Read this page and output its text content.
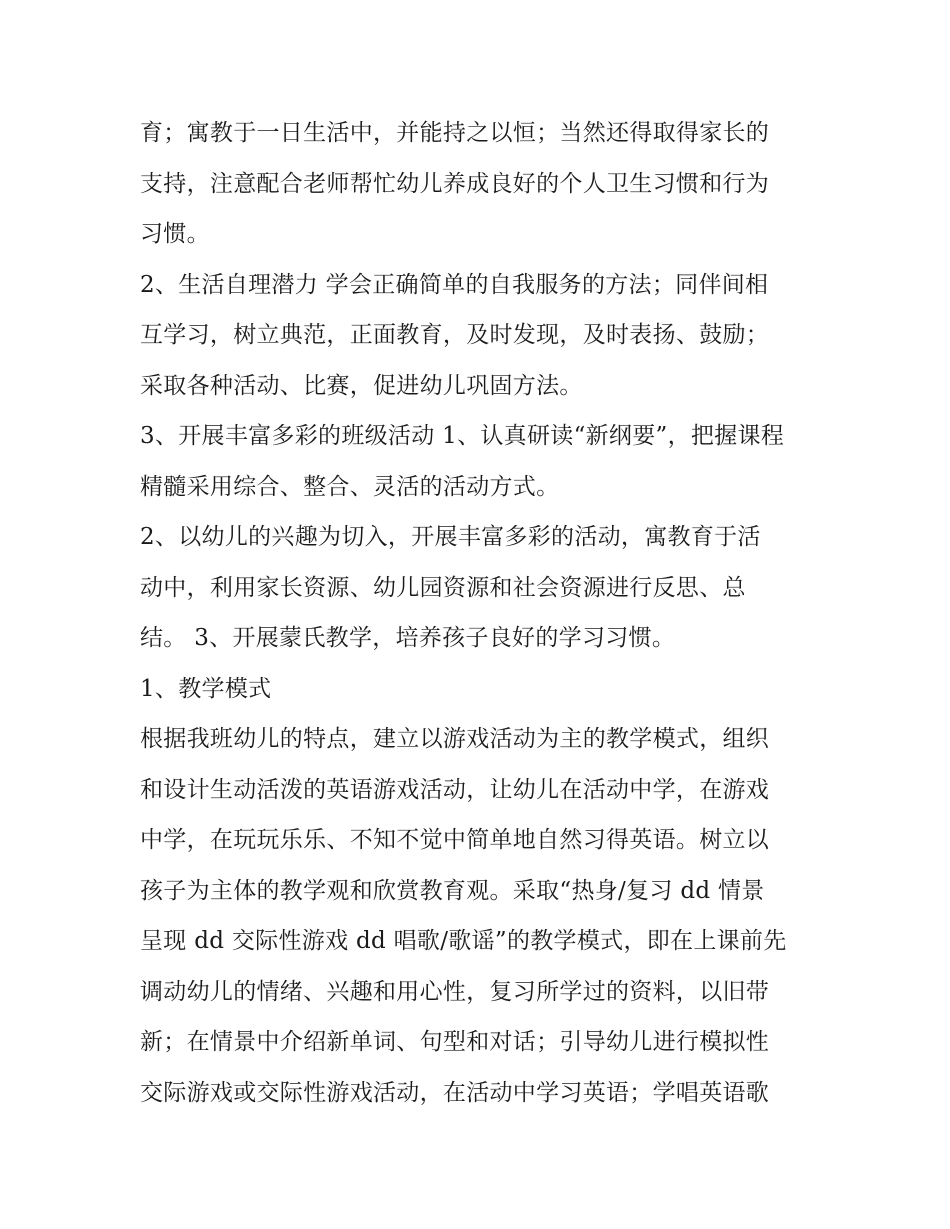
育；寓教于一日生活中，并能持之以恒；当然还得取得家长的
支持，注意配合老师帮忙幼儿养成良好的个人卫生习惯和行为
习惯。
2、生活自理潜力 学会正确简单的自我服务的方法；同伴间相
互学习，树立典范，正面教育，及时发现，及时表扬、鼓励；
采取各种活动、比赛，促进幼儿巩固方法。
3、开展丰富多彩的班级活动 1、认真研读“新纲要”，把握课程
精髓采用综合、整合、灵活的活动方式。
2、以幼儿的兴趣为切入，开展丰富多彩的活动，寓教育于活
动中，利用家长资源、幼儿园资源和社会资源进行反思、总
结。 3、开展蒙氏教学，培养孩子良好的学习习惯。
1、教学模式
根据我班幼儿的特点，建立以游戏活动为主的教学模式，组织
和设计生动活泼的英语游戏活动，让幼儿在活动中学，在游戏
中学，在玩玩乐乐、不知不觉中简单地自然习得英语。树立以
孩子为主体的教学观和欣赏教育观。采取“热身/复习 dd 情景
呈现 dd 交际性游戏 dd 唱歌/歌谣”的教学模式，即在上课前先
调动幼儿的情绪、兴趣和用心性，复习所学过的资料，以旧带
新；在情景中介绍新单词、句型和对话；引导幼儿进行模拟性
交际游戏或交际性游戏活动，在活动中学习英语；学唱英语歌
